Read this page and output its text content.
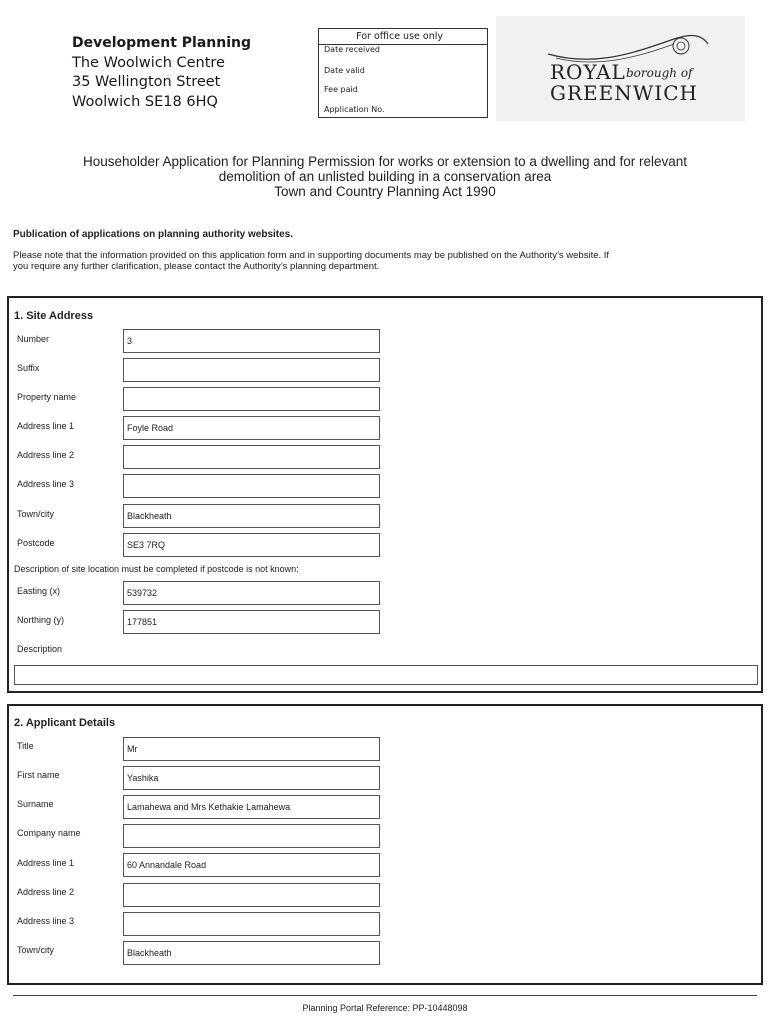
Development Planning
The Woolwich Centre
35 Wellington Street
Woolwich SE18 6HQ
For office use only
Date received
Date valid
Fee paid
Application No.
ROYAL borough of
GREENWICH
Householder Application for Planning Permission for works or extension to a dwelling and for relevant
demolition of an unlisted building in a conservation area
Town and Country Planning Act 1990
Publication of applications on planning authority websites.
Please note that the information provided on this application form and in supporting documents may be published on the Authority’s website. If
you require any further clarification, please contact the Authority’s planning department.
1. Site Address
Number	3
Suffix
Property name
Address line 1	Foyle Road
Address line 2
Address line 3
Town/city	Blackheath
Postcode	SE3 7RQ
Description of site location must be completed if postcode is not known:
Easting (x)	539732
Northing (y)	177851
Description
2. Applicant Details
Title	Mr
First name	Yashika
Surname	Lamahewa and Mrs Kethakie Lamahewa
Company name
Address line 1	60 Annandale Road
Address line 2
Address line 3
Town/city	Blackheath
Planning Portal Reference: PP-10448098
